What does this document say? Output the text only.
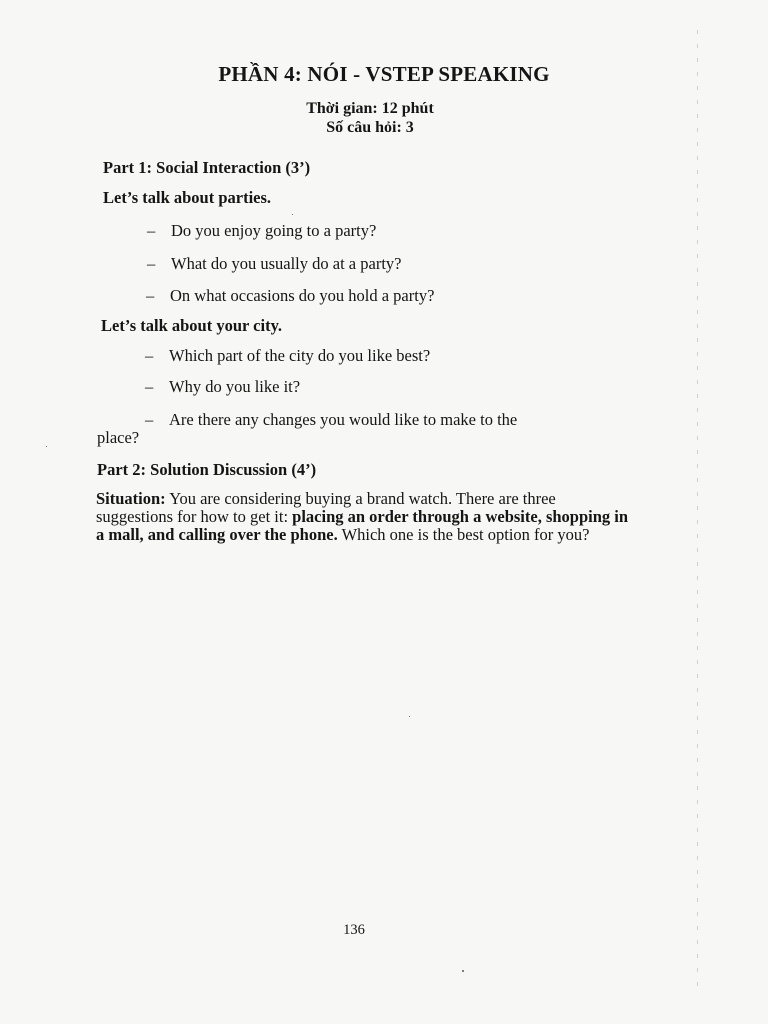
PHẦN 4: NÓI - VSTEP SPEAKING
Thời gian: 12 phút
Số câu hỏi: 3
Part 1: Social Interaction (3’)
Let’s talk about parties.
– Do you enjoy going to a party?
– What do you usually do at a party?
– On what occasions do you hold a party?
Let’s talk about your city.
– Which part of the city do you like best?
– Why do you like it?
– Are there any changes you would like to make to the
place?
Part 2: Solution Discussion (4’)
Situation: You are considering buying a brand watch. There are three suggestions for how to get it: placing an order through a website, shopping in a mall, and calling over the phone. Which one is the best option for you?
136
